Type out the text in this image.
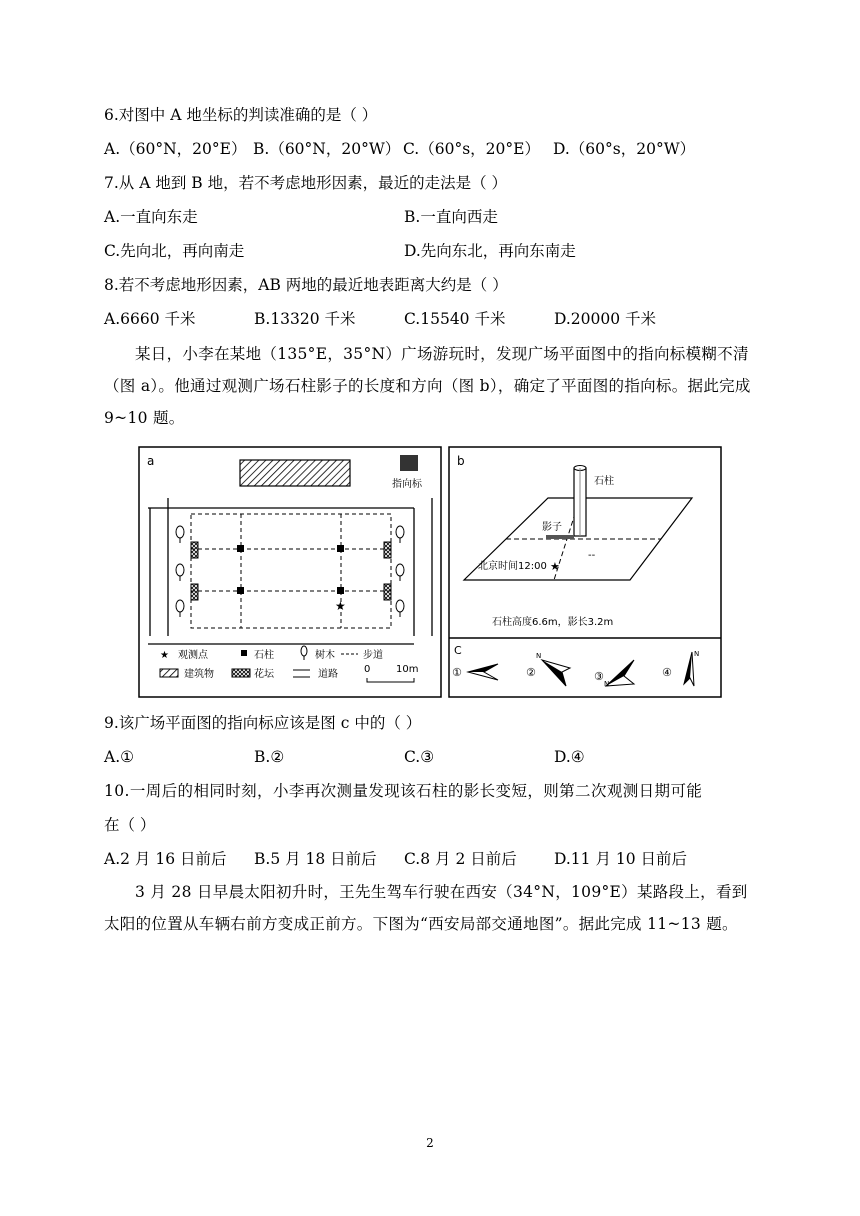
6.对图中 A 地坐标的判读准确的是（ ）
A.（60°N，20°E） B.（60°N，20°W） C.（60°s，20°E） D.（60°s，20°W）
7.从 A 地到 B 地，若不考虑地形因素，最近的走法是（ ）
A.一直向东走	B.一直向西走
C.先向北，再向南走	D.先向东北，再向东南走
8.若不考虑地形因素，AB 两地的最近地表距离大约是（ ）
A.6660 千米	B.13320 千米	C.15540 千米	D.20000 千米
某日，小李在某地（135°E，35°N）广场游玩时，发现广场平面图中的指向标模糊不清（图 a）。他通过观测广场石柱影子的长度和方向（图 b），确定了平面图的指向标。据此完成 9~10 题。
a
指向标
★
★ 观测点	石柱	树木	步道
建筑物	花坛	道路	0	10m
b
石柱
影子
--
北京时间12:00 ★
石柱高度6.6m，影长3.2m
C
①	②
N
③
N
④
N
9.该广场平面图的指向标应该是图 c 中的（ ）
A.①	B.②	C.③	D.④
10.一周后的相同时刻，小李再次测量发现该石柱的影长变短，则第二次观测日期可能
在（ ）
A.2 月 16 日前后 B.5 月 18 日前后 C.8 月 2 日前后 D.11 月 10 日前后
3 月 28 日早晨太阳初升时，王先生驾车行驶在西安（34°N，109°E）某路段上，看到太阳的位置从车辆右前方变成正前方。下图为“西安局部交通地图”。据此完成 11~13 题。
2
